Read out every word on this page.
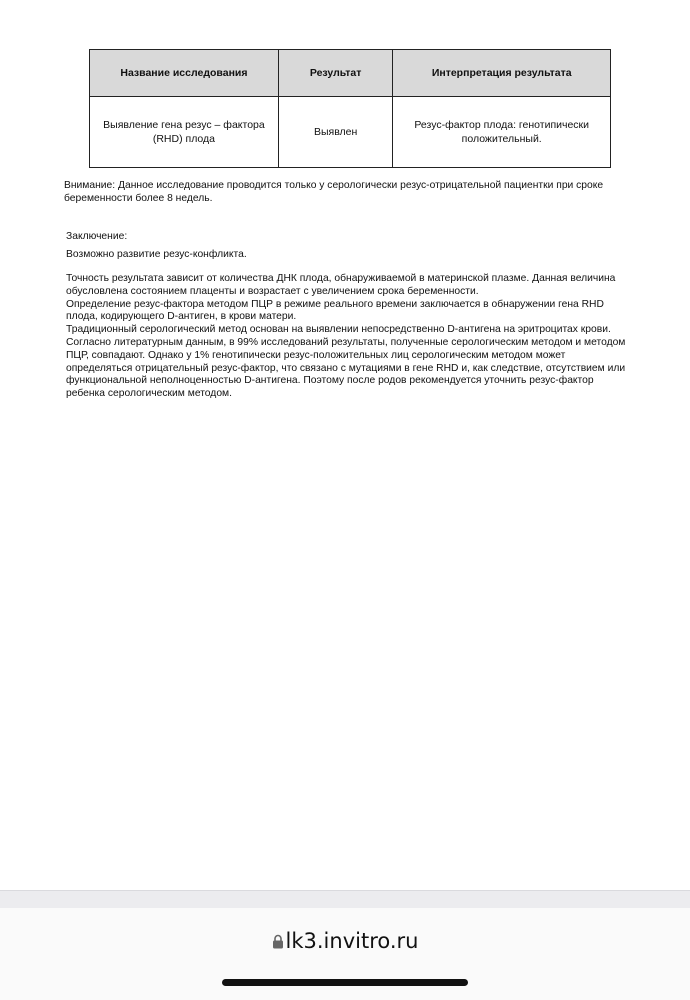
Название исследования	Результат	Интерпретация результата
Выявление гена резус – фактора (RHD) плода	Выявлен	Резус-фактор плода: генотипически положительный.
Внимание: Данное исследование проводится только у серологически резус-отрицательной пациентки при сроке беременности более 8 недель.
Заключение:
Возможно развитие резус-конфликта.

Точность результата зависит от количества ДНК плода, обнаруживаемой в материнской плазме. Данная величина обусловлена состоянием плаценты и возрастает с увеличением срока беременности.

Определение резус-фактора методом ПЦР в режиме реального времени заключается в обнаружении гена RHD плода, кодирующего D-антиген, в крови матери.

Традиционный серологический метод основан на выявлении непосредственно D-антигена на эритроцитах крови.

Согласно литературным данным, в 99% исследований результаты, полученные серологическим методом и методом ПЦР, совпадают. Однако у 1% генотипически резус-положительных лиц серологическим методом может определяться отрицательный резус-фактор, что связано с мутациями в гене RHD и, как следствие, отсутствием или функциональной неполноценностью D-антигена. Поэтому после родов рекомендуется уточнить резус-фактор ребенка серологическим методом.

lk3.invitro.ru
